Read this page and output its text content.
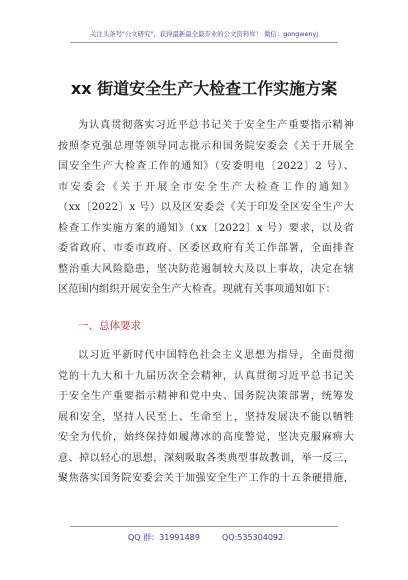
关注头条号"公文研究"，获得最新最全最专业的公文资料库！ 微信：gongwenyj
xx 街道安全生产大检查工作实施方案
为认真贯彻落实习近平总书记关于安全生产重要指示精神
按照李克强总理等领导同志批示和国务院安委会《关于开展全
国安全生产大检查工作的通知》（安委明电〔2022〕2 号）、
市安委会《关于开展全市安全生产大检查工作的通知》
（xx〔2022〕x 号）以及区安委会《关于印发全区安全生产大
检查工作实施方案的通知》（xx〔2022〕x 号）要求，以及省
委省政府、市委市政府、区委区政府有关工作部署，全面排查
整治重大风险隐患，坚决防范遏制较大及以上事故，决定在辖
区范围内组织开展安全生产大检查。现就有关事项通知如下：
一、总体要求
以习近平新时代中国特色社会主义思想为指导，全面贯彻
党的十九大和十九届历次全会精神，认真贯彻习近平总书记关
于安全生产重要指示精神和党中央、国务院决策部署，统筹发
展和安全，坚持人民至上、生命至上，坚持发展决不能以牺牲
安全为代价，始终保持如履薄冰的高度警觉，坚决克服麻痹大
意、掉以轻心的思想，深刻吸取各类典型事故教训，举一反三，
聚焦落实国务院安委会关于加强安全生产工作的十五条硬措施，
QQ 群：31991489	QQ:535304092
